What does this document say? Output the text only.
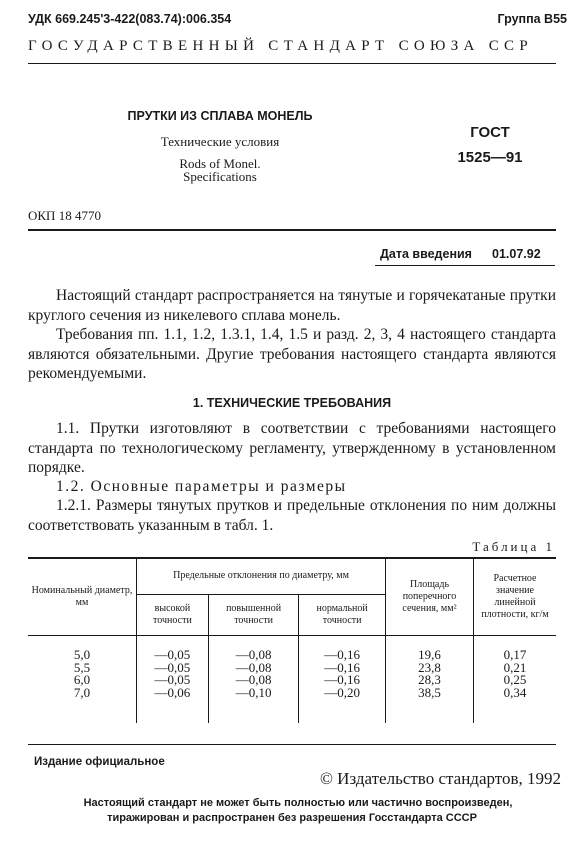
УДК 669.245'3-422(083.74):006.354	Группа В55
ГОСУДАРСТВЕННЫЙ СТАНДАРТ СОЮЗА ССР
ПРУТКИ ИЗ СПЛАВА МОНЕЛЬ
Технические условия
Rods of Monel.
Specifications
ГОСТ
1525—91
ОКП 18 4770
Дата введения 01.07.92

Настоящий стандарт распространяется на тянутые и горячекатаные прутки круглого сечения из никелевого сплава монель.

Требования пп. 1.1, 1.2, 1.3.1, 1.4, 1.5 и разд. 2, 3, 4 настоящего стандарта являются обязательными. Другие требования настоящего стандарта являются рекомендуемыми.

1. ТЕХНИЧЕСКИЕ ТРЕБОВАНИЯ

1.1. Прутки изготовляют в соответствии с требованиями настоящего стандарта по технологическому регламенту, утвержденному в установленном порядке.

1.2. Основные параметры и размеры

1.2.1. Размеры тянутых прутков и предельные отклонения по ним должны соответствовать указанным в табл. 1.

Таблица 1
Номинальный диаметр, мм	Предельные отклонения по диаметру, мм			Площадь поперечного сечения, мм²	Расчетное значение линейной плотности, кг/м
	высокой точности	повышенной точности	нормальной точности		

5,0	—0,05	—0,08	—0,16	19,6	0,17
5,5	—0,05	—0,08	—0,16	23,8	0,21
6,0	—0,05	—0,08	—0,16	28,3	0,25
7,0	—0,06	—0,10	—0,20	38,5	0,34

Издание официальное
© Издательство стандартов, 1992
Настоящий стандарт не может быть полностью или частично воспроизведен,
тиражирован и распространен без разрешения Госстандарта СССР
